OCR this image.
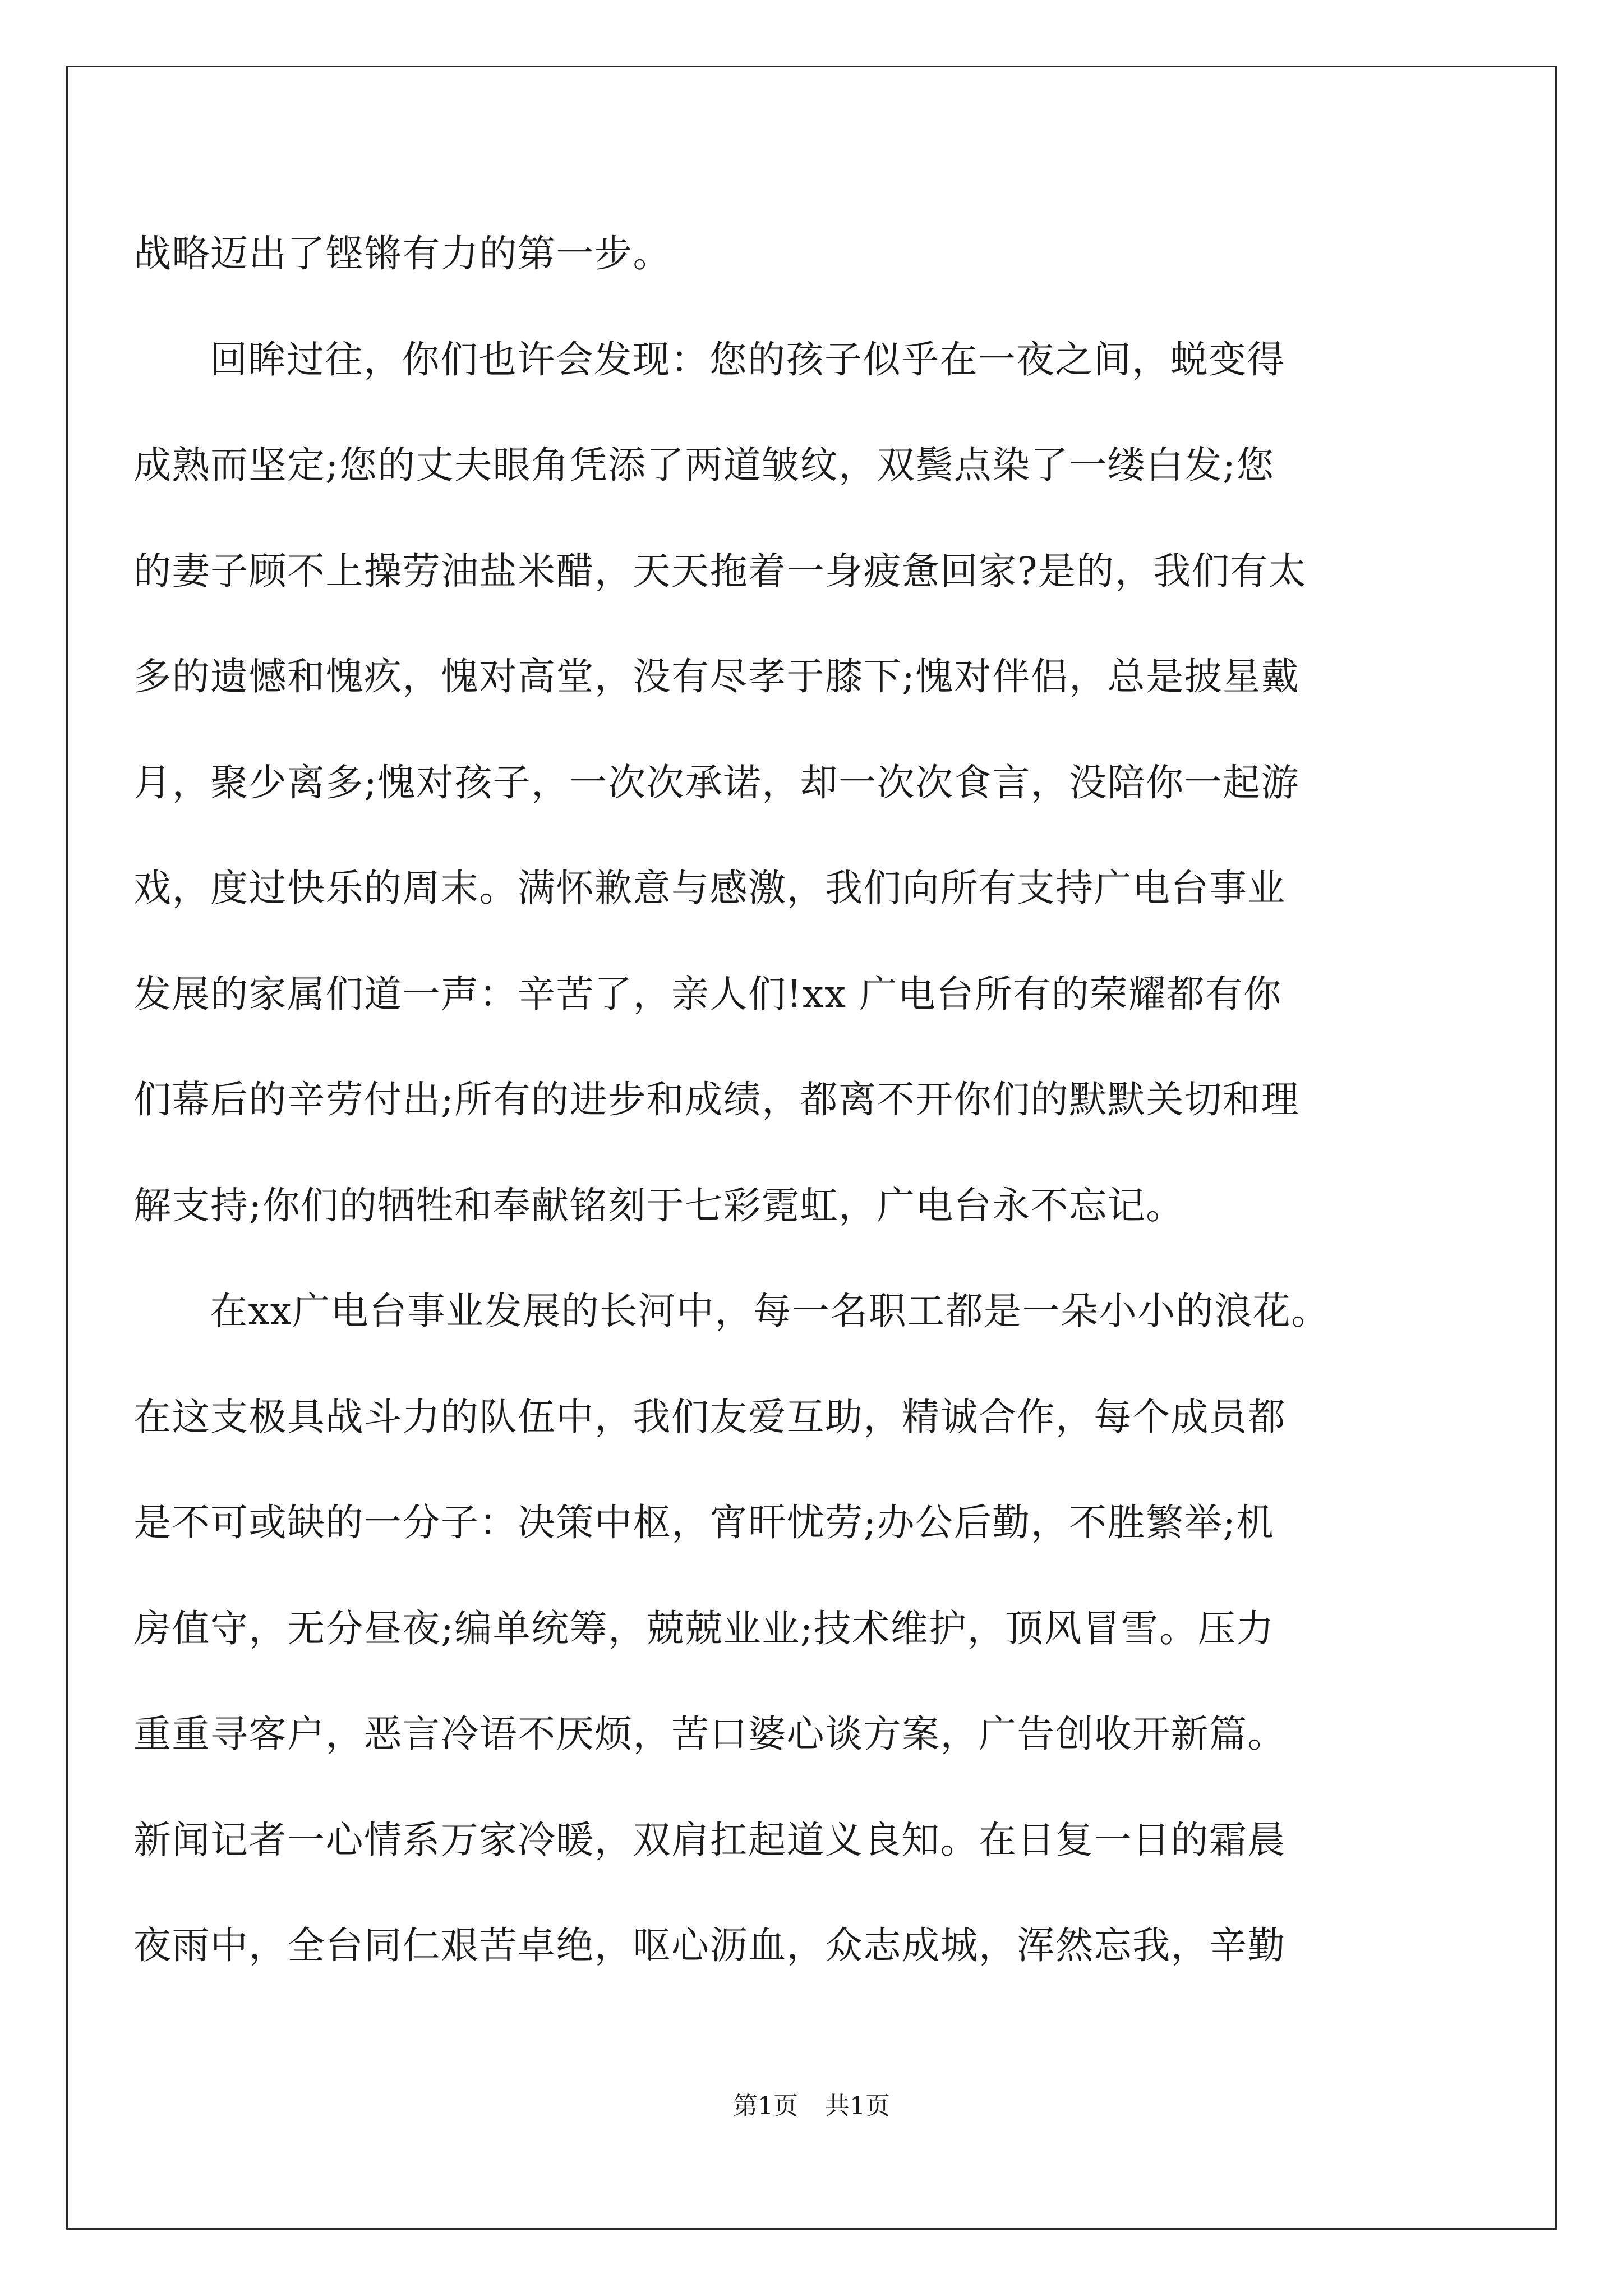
战略迈出了铿锵有力的第一步。
回眸过往，你们也许会发现：您的孩子似乎在一夜之间，蜕变得
成熟而坚定;您的丈夫眼角凭添了两道皱纹，双鬓点染了一缕白发;您
的妻子顾不上操劳油盐米醋，天天拖着一身疲惫回家?是的，我们有太
多的遗憾和愧疚，愧对高堂，没有尽孝于膝下;愧对伴侣，总是披星戴
月，聚少离多;愧对孩子，一次次承诺，却一次次食言，没陪你一起游
戏，度过快乐的周末。满怀歉意与感激，我们向所有支持广电台事业
发展的家属们道一声：辛苦了，亲人们!xx 广电台所有的荣耀都有你
们幕后的辛劳付出;所有的进步和成绩，都离不开你们的默默关切和理
解支持;你们的牺牲和奉献铭刻于七彩霓虹，广电台永不忘记。
在xx广电台事业发展的长河中，每一名职工都是一朵小小的浪花。
在这支极具战斗力的队伍中，我们友爱互助，精诚合作，每个成员都
是不可或缺的一分子：决策中枢，宵旰忧劳;办公后勤，不胜繁举;机
房值守，无分昼夜;编单统筹，兢兢业业;技术维护，顶风冒雪。压力
重重寻客户，恶言冷语不厌烦，苦口婆心谈方案，广告创收开新篇。
新闻记者一心情系万家冷暖，双肩扛起道义良知。在日复一日的霜晨
夜雨中，全台同仁艰苦卓绝，呕心沥血，众志成城，浑然忘我，辛勤
第1页 共1页
